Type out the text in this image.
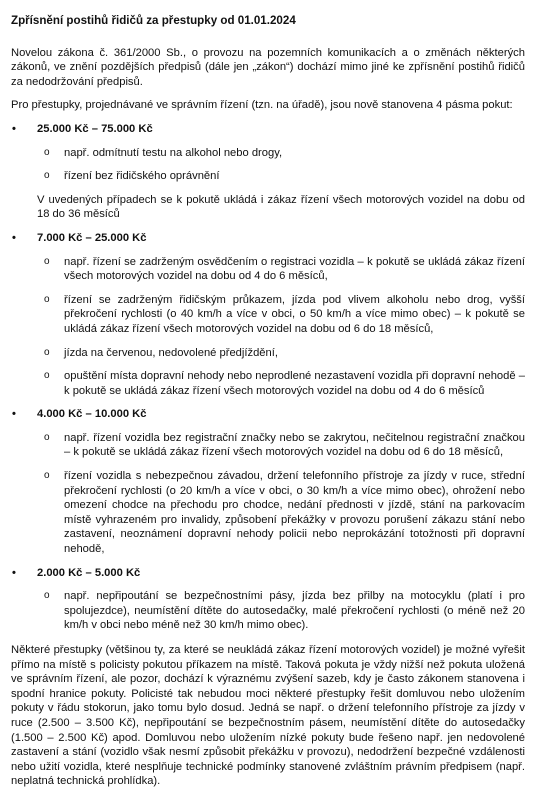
Zpřísnění postihů řidičů za přestupky od 01.01.2024
Novelou zákona č. 361/2000 Sb., o provozu na pozemních komunikacích a o změnách některých zákonů, ve znění pozdějších předpisů (dále jen „zákon“) dochází mimo jiné ke zpřísnění postihů řidičů za nedodržování předpisů.
Pro přestupky, projednávané ve správním řízení (tzn. na úřadě), jsou nově stanovena 4 pásma pokut:
• 25.000 Kč – 75.000 Kč
o např. odmítnutí testu na alkohol nebo drogy,
o řízení bez řidičského oprávnění
V uvedených případech se k pokutě ukládá i zákaz řízení všech motorových vozidel na dobu od 18 do 36 měsíců
• 7.000 Kč – 25.000 Kč
o např. řízení se zadrženým osvědčením o registraci vozidla – k pokutě se ukládá zákaz řízení všech motorových vozidel na dobu od 4 do 6 měsíců,
o řízení se zadrženým řidičským průkazem, jízda pod vlivem alkoholu nebo drog, vyšší překročení rychlosti (o 40 km/h a více v obci, o 50 km/h a více mimo obec) – k pokutě se ukládá zákaz řízení všech motorových vozidel na dobu od 6 do 18 měsíců,
o jízda na červenou, nedovolené předjíždění,
o opuštění místa dopravní nehody nebo neprodlené nezastavení vozidla při dopravní nehodě – k pokutě se ukládá zákaz řízení všech motorových vozidel na dobu od 4 do 6 měsíců
• 4.000 Kč – 10.000 Kč
o např. řízení vozidla bez registrační značky nebo se zakrytou, nečitelnou registrační značkou – k pokutě se ukládá zákaz řízení všech motorových vozidel na dobu od 6 do 18 měsíců,
o řízení vozidla s nebezpečnou závadou, držení telefonního přístroje za jízdy v ruce, střední překročení rychlosti (o 20 km/h a více v obci, o 30 km/h a více mimo obec), ohrožení nebo omezení chodce na přechodu pro chodce, nedání přednosti v jízdě, stání na parkovacím místě vyhrazeném pro invalidy, způsobení překážky v provozu porušení zákazu stání nebo zastavení, neoznámení dopravní nehody policii nebo neprokázání totožnosti při dopravní nehodě,
• 2.000 Kč – 5.000 Kč
o např. nepřipoutání se bezpečnostními pásy, jízda bez přilby na motocyklu (platí i pro spolujezdce), neumístění dítěte do autosedačky, malé překročení rychlosti (o méně než 20 km/h v obci nebo méně než 30 km/h mimo obec).
Některé přestupky (většinou ty, za které se neukládá zákaz řízení motorových vozidel) je možné vyřešit přímo na místě s policisty pokutou příkazem na místě. Taková pokuta je vždy nižší než pokuta uložená ve správním řízení, ale pozor, dochází k výraznému zvýšení sazeb, kdy je často zákonem stanovena i spodní hranice pokuty. Policisté tak nebudou moci některé přestupky řešit domluvou nebo uložením pokuty v řádu stokorun, jako tomu bylo dosud. Jedná se např. o držení telefonního přístroje za jízdy v ruce (2.500 – 3.500 Kč), nepřipoutání se bezpečnostním pásem, neumístění dítěte do autosedačky (1.500 – 2.500 Kč) apod. Domluvou nebo uložením nízké pokuty bude řešeno např. jen nedovolené zastavení a stání (vozidlo však nesmí způsobit překážku v provozu), nedodržení bezpečné vzdálenosti nebo užití vozidla, které nesplňuje technické podmínky stanovené zvláštním právním předpisem (např. neplatná technická prohlídka).
